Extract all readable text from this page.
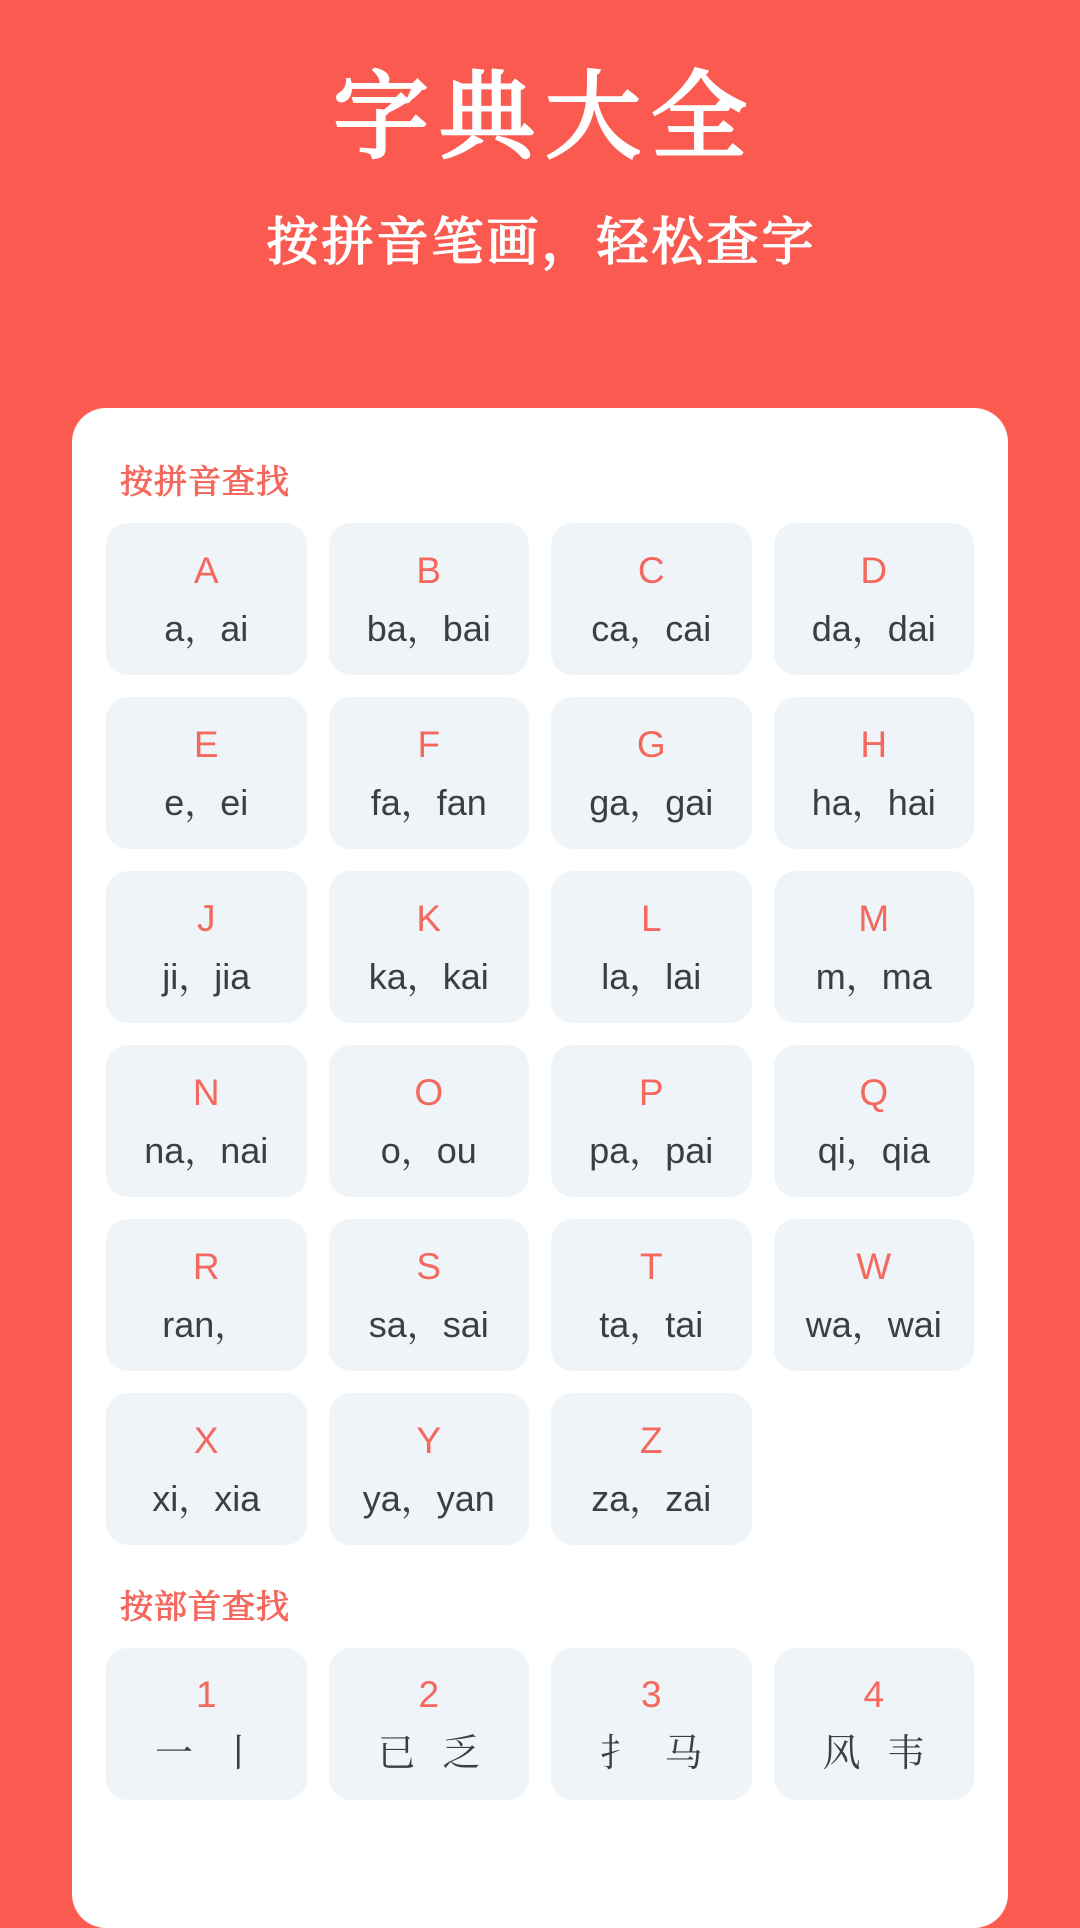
字典大全
按拼音笔画，轻松查字
按拼音查找
A
a，ai
B
ba，bai
C
ca，cai
D
da，dai
E
e，ei
F
fa，fan
G
ga，gai
H
ha，hai
J
ji，jia
K
ka，kai
L
la，lai
M
m，ma
N
na，nai
O
o，ou
P
pa，pai
Q
qi，qia
R
ran，
S
sa，sai
T
ta，tai
W
wa，wai
X
xi，xia
Y
ya，yan
Z
za，zai
按部首查找
1
一 丨
2
已 乏
3
扌 马
4
风 韦
